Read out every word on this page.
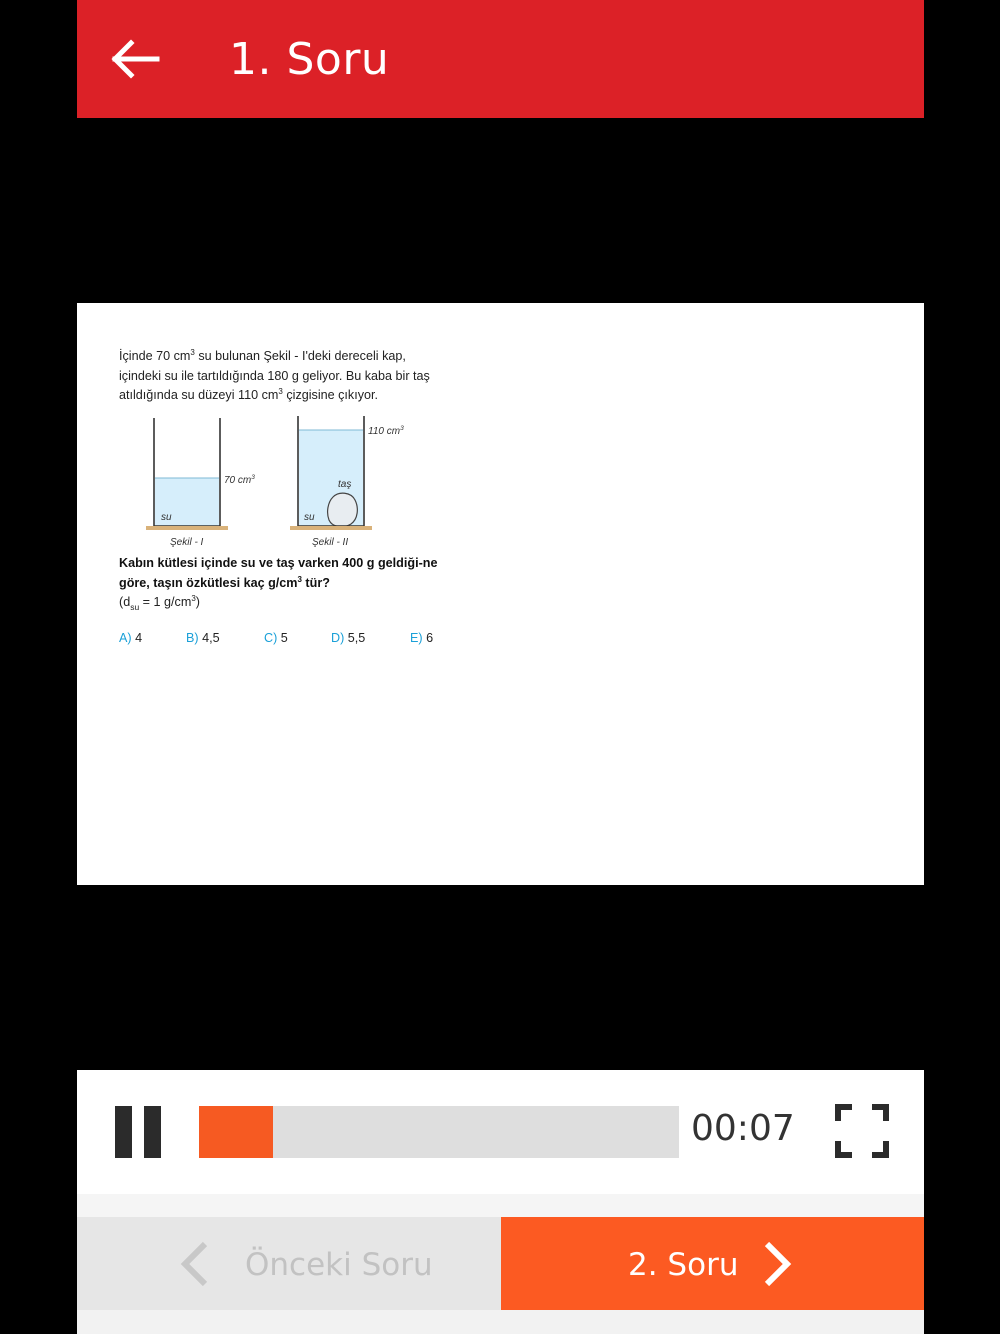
1. Soru
İçinde 70 $cm^3$ su bulunan Şekil - I'deki dereceli kap, içindeki su ile tartıldığında 180 g geliyor. Bu kaba bir taş atıldığında su düzeyi 110 $cm^3$ çizgisine çıkıyor.
70 $cm^3$
su
Şekil - I
110 $cm^3$
taş
su
Şekil - II
Kabın kütlesi içinde su ve taş varken 400 g geldiği-ne göre, taşın özkütlesi kaç $g/cm^3$ tür?
($d_{su} = 1$ $g/cm^3$)
A) 4	B) 4,5	C) 5	D) 5,5	E) 6
00:07
Önceki Soru	2. Soru
